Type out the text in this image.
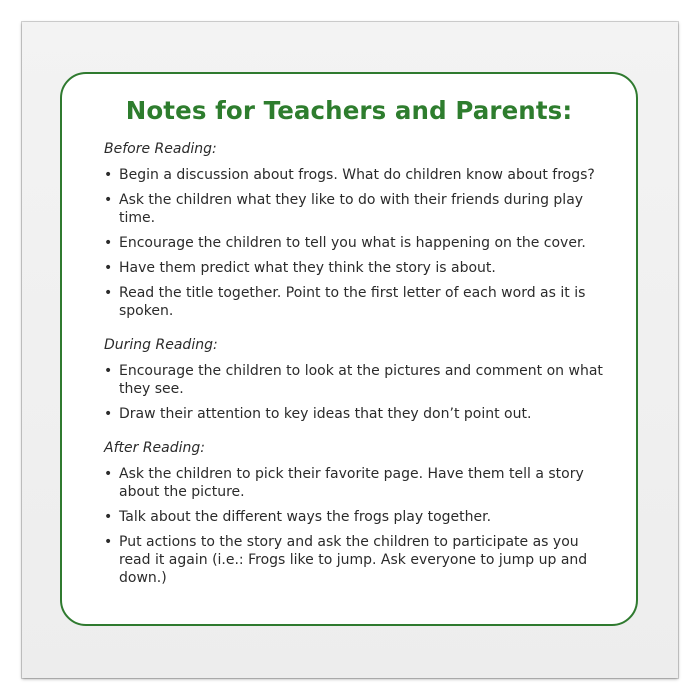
Notes for Teachers and Parents:
Before Reading:
• Begin a discussion about frogs. What do children know about frogs?
• Ask the children what they like to do with their friends during play time.
• Encourage the children to tell you what is happening on the cover.
• Have them predict what they think the story is about.
• Read the title together. Point to the first letter of each word as it is spoken.
During Reading:
• Encourage the children to look at the pictures and comment on what they see.
• Draw their attention to key ideas that they don’t point out.
After Reading:
• Ask the children to pick their favorite page. Have them tell a story about the picture.
• Talk about the different ways the frogs play together.
• Put actions to the story and ask the children to participate as you read it again (i.e.: Frogs like to jump. Ask everyone to jump up and down.)
